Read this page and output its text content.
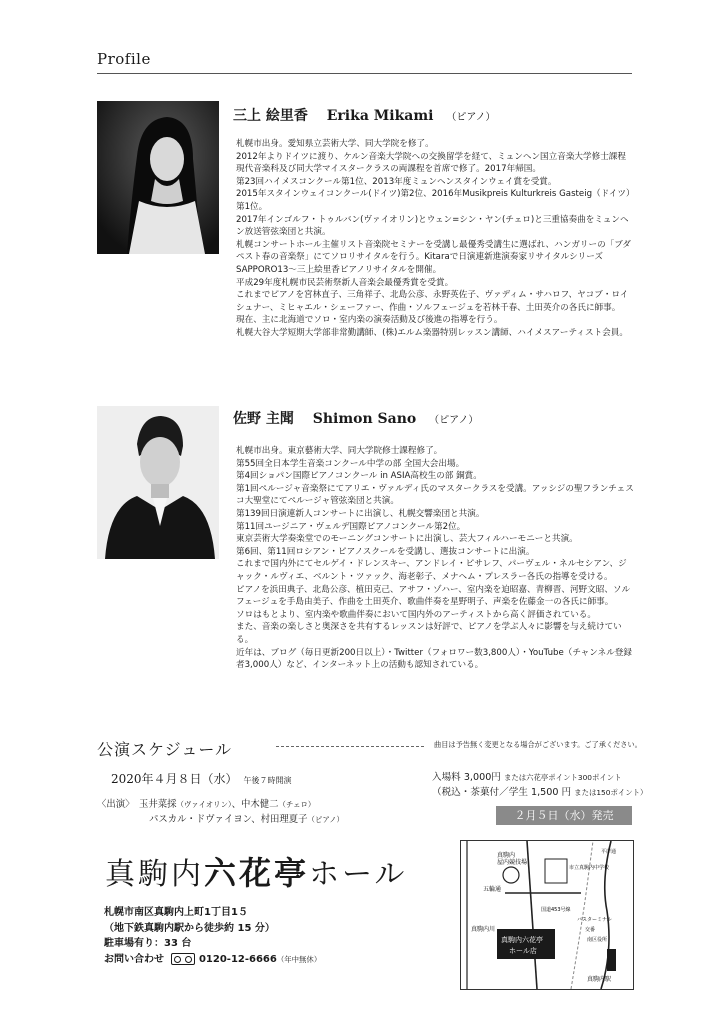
Profile
三上 絵里香 Erika Mikami （ピアノ）

札幌市出身。愛知県立芸術大学、同大学院を修了。

2012年よりドイツに渡り、ケルン音楽大学院への交換留学を経て、ミュンヘン国立音楽大学修士課程現代音楽科及び同大学マイスタークラスの両課程を首席で修了。2017年帰国。

第23回ハイメスコンクール第1位、2013年度ミュンヘンスタインウェイ賞を受賞。

2015年スタインウェイコンクール(ドイツ)第2位、2016年Musikpreis Kulturkreis Gasteig（ドイツ）第1位。

2017年インゴルフ・トゥルバン(ヴァイオリン)とウェン=シン・ヤン(チェロ)と三重協奏曲をミュンヘン放送管弦楽団と共演。

札幌コンサートホール主催リスト音楽院セミナーを受講し最優秀受講生に選ばれ、ハンガリーの「ブダペスト春の音楽祭」にてソロリサイタルを行う。Kitaraで日演連新進演奏家リサイタルシリーズSAPPORO13〜三上絵里香ピアノリサイタルを開催。

平成29年度札幌市民芸術祭新人音楽会最優秀賞を受賞。

これまでピアノを宮林直子、三角祥子、北島公彦、永野英佐子、ヴァディム・サハロフ、ヤコブ・ロイシュナー、ミヒャエル・シェーファー、作曲・ソルフェージュを若林千春、土田英介の各氏に師事。

現在、主に北海道でソロ・室内楽の演奏活動及び後進の指導を行う。

札幌大谷大学短期大学部非常勤講師、(株)エルム楽器特別レッスン講師、ハイメスアーティスト会員。

佐野 主聞 Shimon Sano （ピアノ）

札幌市出身。東京藝術大学、同大学院修士課程修了。

第55回全日本学生音楽コンクール中学の部 全国大会出場。

第4回ショパン国際ピアノコンクール in ASIA高校生の部 銅賞。

第1回ペルージャ音楽祭にてアリエ・ヴァルディ氏のマスタークラスを受講。アッシジの聖フランチェスコ大聖堂にてペルージャ管弦楽団と共演。

第139回日演連新人コンサートに出演し、札幌交響楽団と共演。

第11回ユージニア・ヴェルデ国際ピアノコンクール第2位。

東京芸術大学奏楽堂でのモーニングコンサートに出演し、芸大フィルハーモニーと共演。

第6回、第11回ロシアン・ピアノスクールを受講し、選抜コンサートに出演。

これまで国内外にてセルゲイ・ドレンスキー、アンドレイ・ピサレフ、パーヴェル・ネルセシアン、ジャック・ルヴィエ、ベルント・ツァック、海老彰子、メナヘム・プレスラー各氏の指導を受ける。

ピアノを浜田典子、北島公彦、植田克己、アサフ・ゾハー、室内楽を迫昭嘉、青柳晋、河野文昭、ソルフェージュを手島由美子、作曲を土田英介、歌曲伴奏を星野明子、声楽を佐藤金一の各氏に師事。

ソロはもとより、室内楽や歌曲伴奏において国内外のアーティストから高く評価されている。

また、音楽の楽しさと奥深さを共有するレッスンは好評で、ピアノを学ぶ人々に影響を与え続けている。

近年は、ブログ（毎日更新200日以上）・Twitter（フォロワー数3,800人）・YouTube（チャンネル登録者3,000人）など、インターネット上の活動も認知されている。

公演スケジュール	曲目は予告無く変更となる場合がございます。ご了承ください。
2020年４月８日（水） 午後７時開演	入場料 3,000円 または六花亭ポイント300ポイント
（税込・茶菓付／学生 1,500 円 または150ポイント）
２月５日（水）発売
〈出演〉 玉井菜採（ヴァイオリン）、中木健二（チェロ）
パスカル・ドヴァイヨン、村田理夏子（ピアノ）
真駒内六花亭ホール
札幌市南区真駒内上町1丁目1５
（地下鉄真駒内駅から徒歩約 15 分）
駐車場有り：33 台
お問い合わせ	0120-12-6666（年中無休）
真駒内
屋内競技場
市立真駒内中学校
五輪通
国道453号線
真駒内六花亭
ホール店
真駒内駅
真駒内川
バスターミナル
交番
南区役所
平岸通
